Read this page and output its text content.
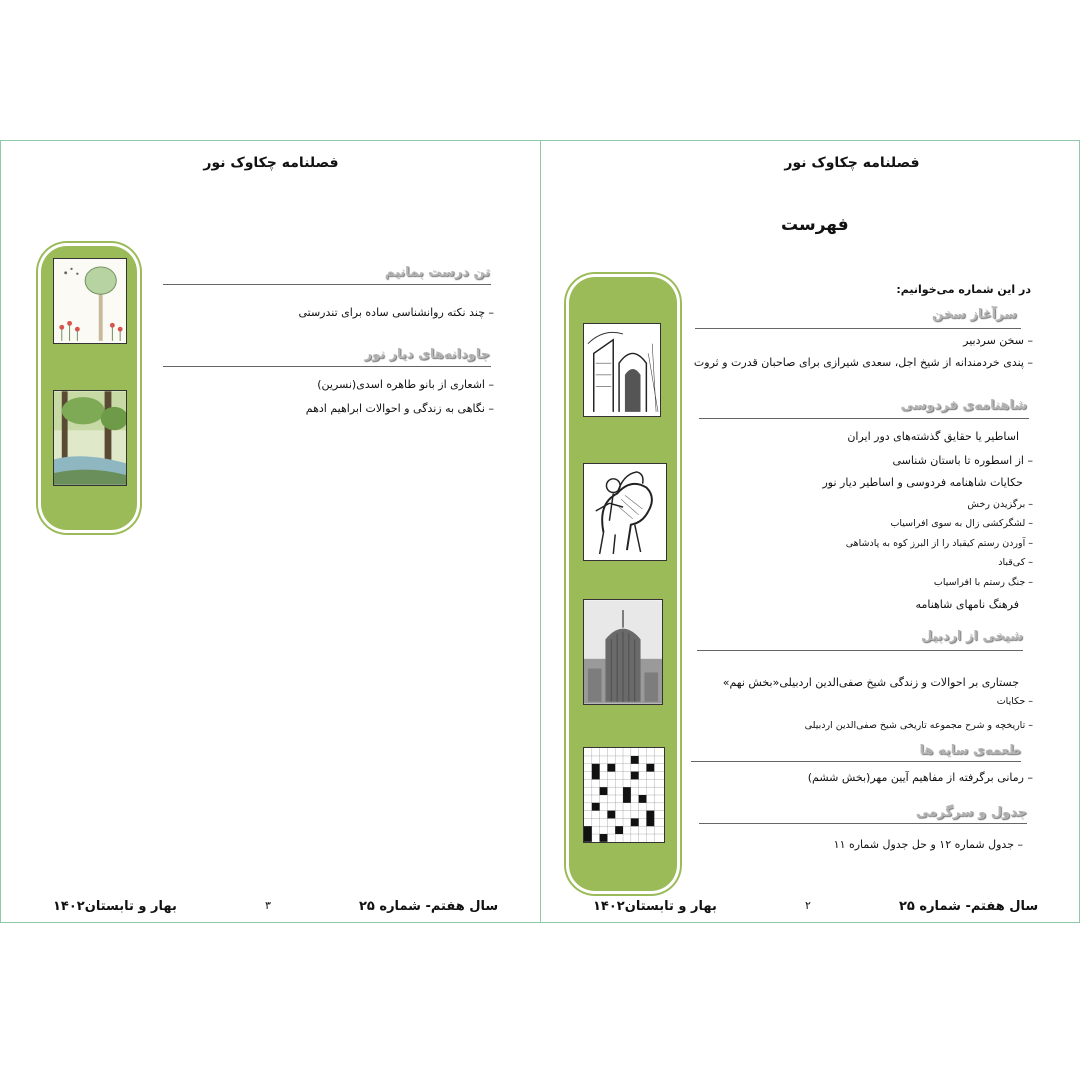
فصلنامه چکاوک نور
تن درست بمانیم
– چند نکته روانشناسی ساده برای تندرستی
جاودانه‌های دیار نور
– اشعاری از بانو طاهره اسدی(نسرین)
– نگاهی به زندگی و احوالات ابراهیم ادهم
سال هفتم- شماره ۲۵
۳
بهار و تابستان۱۴۰۲
فصلنامه چکاوک نور
فهرست
در این شماره می‌خوانیم:
سرآغاز سخن
– سخن سردبیر
– پندی خردمندانه از شیخ اجل، سعدی شیرازی برای صاحبان قدرت و ثروت
شاهنامه‌ی فردوسی
اساطیر یا حقایق گذشته‌های دور ایران
– از اسطوره تا باستان شناسی
حکایات شاهنامه فردوسی و اساطیر دیار نور
– برگزیدن رخش
– لشگرکشی زال به سوی افراسیاب
– آوردن رستم کیقباد را از البرز کوه به پادشاهی
– کی‌قباد
– جنگ رستم با افراسیاب
فرهنگ نامهای شاهنامه
شیخی از اردبیل
جستاری بر احوالات و زندگی شیخ صفی‌الدین اردبیلی«بخش نهم»
– حکایات
– تاریخچه و شرح مجموعه تاریخی شیخ صفی‌الدین اردبیلی
طعمه‌ی سایه ها
– رمانی برگرفته از مفاهیم آیین مهر(بخش ششم)
جدول و سرگرمی
– جدول شماره ۱۲ و حل جدول شماره ۱۱
سال هفتم- شماره ۲۵
۲
بهار و تابستان۱۴۰۲
